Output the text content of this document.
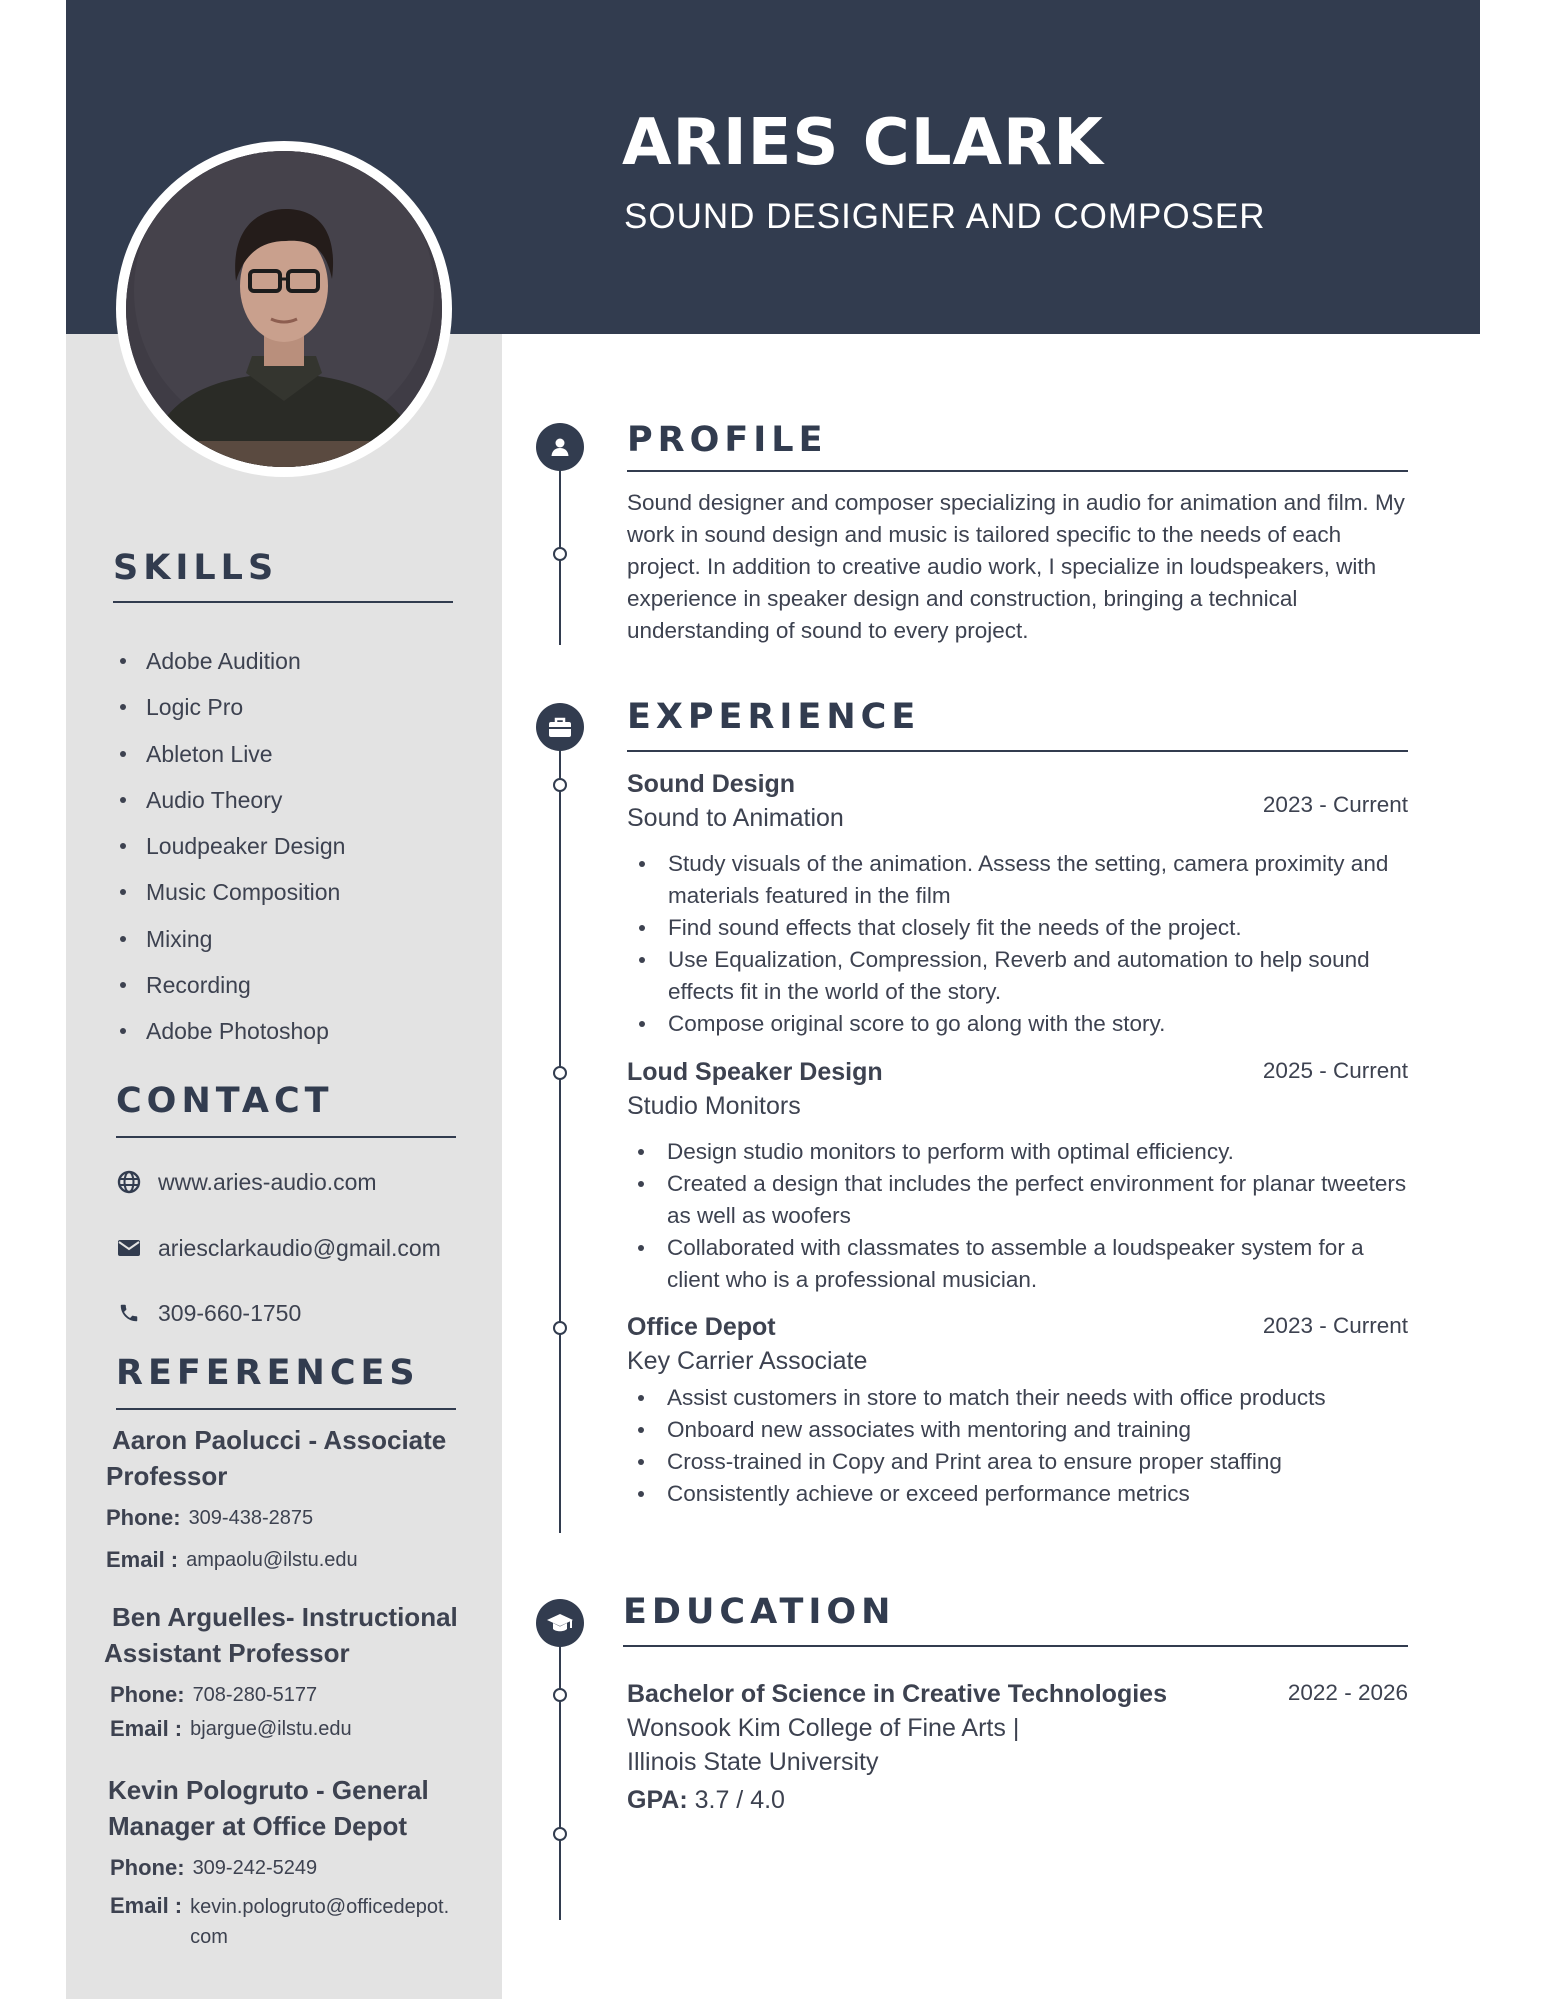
ARIES CLARK
SOUND DESIGNER AND COMPOSER
SKILLS
Adobe Audition
Logic Pro
Ableton Live
Audio Theory
Loudpeaker Design
Music Composition
Mixing
Recording
Adobe Photoshop
CONTACT
www.aries-audio.com
ariesclarkaudio@gmail.com
309-660-1750
REFERENCES

Aaron Paolucci - Associate

Professor

Phone: 309-438-2875
Email : ampaolu@ilstu.edu

Ben Arguelles- Instructional

Assistant Professor

Phone: 708-280-5177
Email : bjargue@ilstu.edu

Kevin Pologruto - General

Manager at Office Depot

Phone: 309-242-5249
Email : kevin.pologruto@officedepot.
com
PROFILE

Sound designer and composer specializing in audio for animation and film. My work in sound design and music is tailored specific to the needs of each project. In addition to creative audio work, I specialize in loudspeakers, with experience in speaker design and construction, bringing a technical understanding of sound to every project.

EXPERIENCE
Sound Design
Sound to Animation	2023 - Current
Study visuals of the animation. Assess the setting, camera proximity and materials featured in the film
Find sound effects that closely fit the needs of the project.
Use Equalization, Compression, Reverb and automation to help sound effects fit in the world of the story.
Compose original score to go along with the story.
Loud Speaker Design
Studio Monitors
2025 - Current
Design studio monitors to perform with optimal efficiency.
Created a design that includes the perfect environment for planar tweeters as well as woofers
Collaborated with classmates to assemble a loudspeaker system for a client who is a professional musician.
Office Depot
Key Carrier Associate
2023 - Current
Assist customers in store to match their needs with office products
Onboard new associates with mentoring and training
Cross-trained in Copy and Print area to ensure proper staffing
Consistently achieve or exceed performance metrics
EDUCATION
Bachelor of Science in Creative Technologies	2022 - 2026
Wonsook Kim College of Fine Arts |
Illinois State University
GPA: 3.7 / 4.0
